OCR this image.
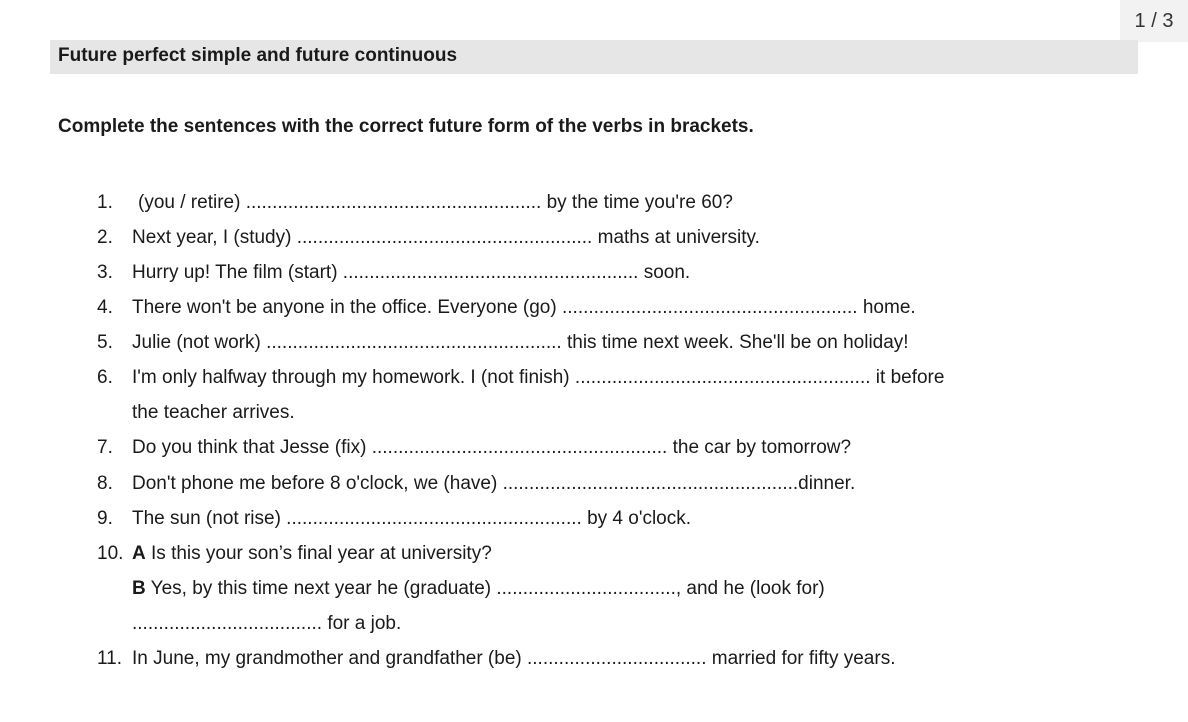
1 / 3
Future perfect simple and future continuous
Complete the sentences with the correct future form of the verbs in brackets.
1. (you / retire) ........................................................ by the time you're 60?
2. Next year, I (study) ........................................................ maths at university.
3. Hurry up! The film (start) ........................................................ soon.
4. There won't be anyone in the office. Everyone (go) ........................................................ home.
5. Julie (not work) ........................................................ this time next week. She'll be on holiday!
6. I'm only halfway through my homework. I (not finish) ........................................................ it before
the teacher arrives.
7. Do you think that Jesse (fix) ........................................................ the car by tomorrow?
8. Don't phone me before 8 o'clock, we (have) ........................................................dinner.
9. The sun (not rise) ........................................................ by 4 o'clock.
10. A Is this your son’s final year at university?
B Yes, by this time next year he (graduate) .................................., and he (look for)
.................................... for a job.
11. In June, my grandmother and grandfather (be) .................................. married for fifty years.
